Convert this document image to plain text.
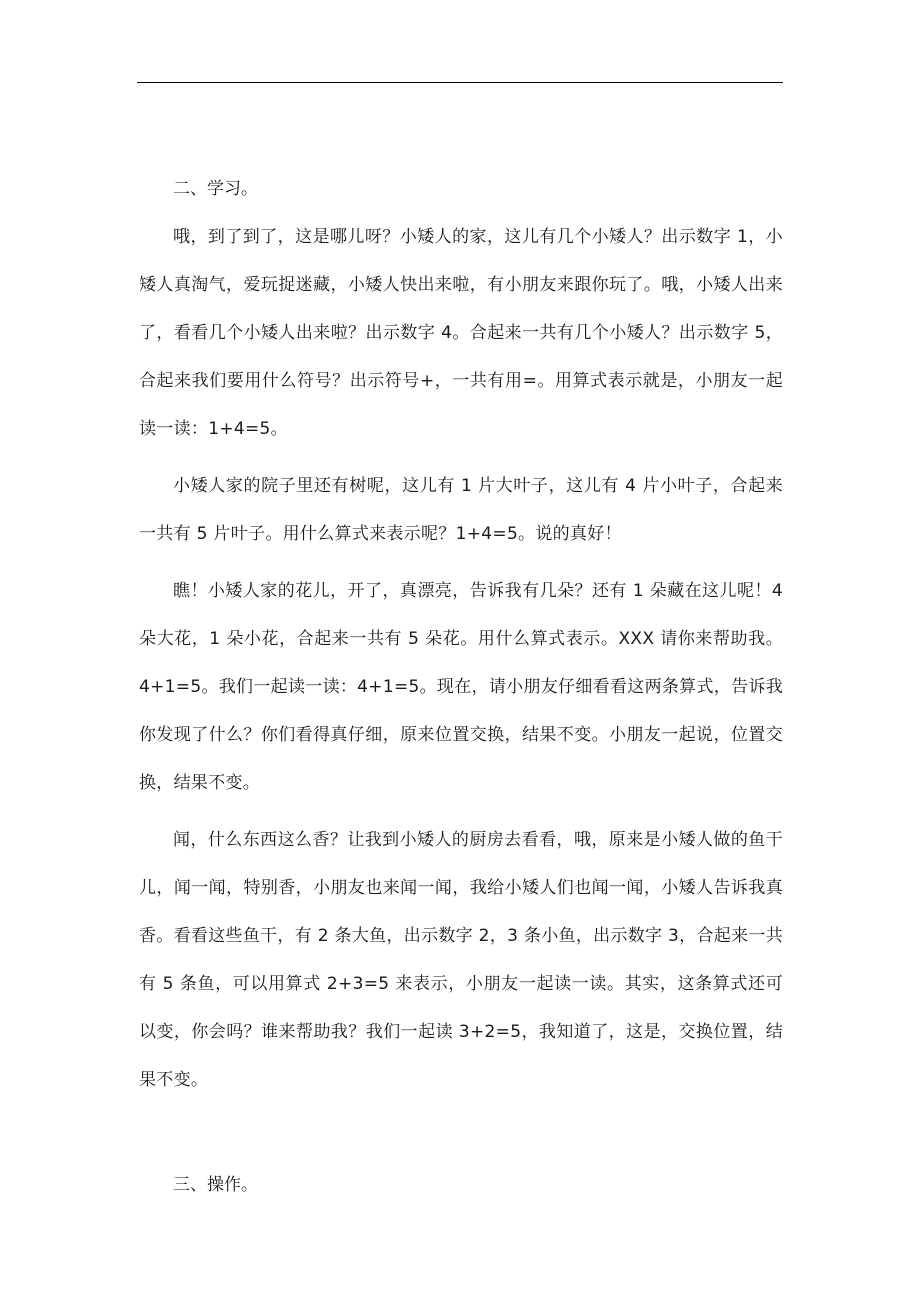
二、学习。

哦，到了到了，这是哪儿呀？小矮人的家，这儿有几个小矮人？出示数字 1，小矮人真淘气，爱玩捉迷藏，小矮人快出来啦，有小朋友来跟你玩了。哦，小矮人出来了，看看几个小矮人出来啦？出示数字 4。合起来一共有几个小矮人？出示数字 5，合起来我们要用什么符号？出示符号+，一共有用=。用算式表示就是，小朋友一起读一读：1+4=5。

小矮人家的院子里还有树呢，这儿有 1 片大叶子，这儿有 4 片小叶子，合起来一共有 5 片叶子。用什么算式来表示呢？1+4=5。说的真好！

瞧！小矮人家的花儿，开了，真漂亮，告诉我有几朵？还有 1 朵藏在这儿呢！4 朵大花，1 朵小花，合起来一共有 5 朵花。用什么算式表示。XXX 请你来帮助我。4+1=5。我们一起读一读：4+1=5。现在，请小朋友仔细看看这两条算式，告诉我你发现了什么？你们看得真仔细，原来位置交换，结果不变。小朋友一起说，位置交换，结果不变。

闻，什么东西这么香？让我到小矮人的厨房去看看，哦，原来是小矮人做的鱼干儿，闻一闻，特别香，小朋友也来闻一闻，我给小矮人们也闻一闻，小矮人告诉我真香。看看这些鱼干，有 2 条大鱼，出示数字 2，3 条小鱼，出示数字 3，合起来一共有 5 条鱼，可以用算式 2+3=5 来表示，小朋友一起读一读。其实，这条算式还可以变，你会吗？谁来帮助我？我们一起读 3+2=5，我知道了，这是，交换位置，结果不变。

三、操作。
